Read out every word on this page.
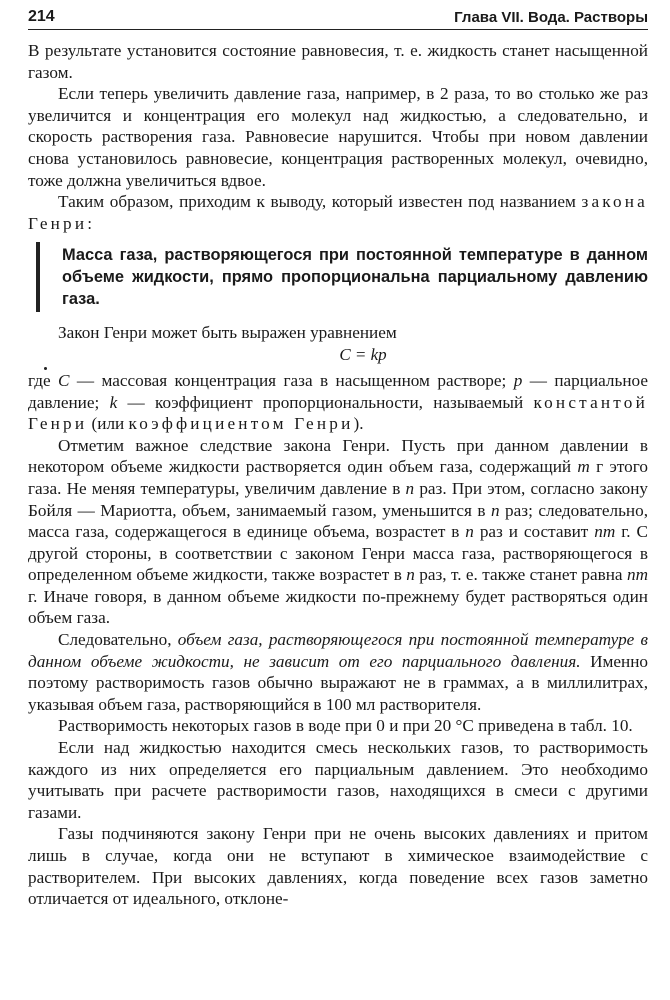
214	Глава VII. Вода. Растворы

В результате установится состояние равновесия, т. е. жидкость станет насыщенной газом.

Если теперь увеличить давление газа, например, в 2 раза, то во столько же раз увеличится и концентрация его молекул над жидкостью, а следовательно, и скорость растворения газа. Равновесие нарушится. Чтобы при новом давлении снова установилось равновесие, концентрация растворенных молекул, очевидно, тоже должна увеличиться вдвое.

Таким образом, приходим к выводу, который известен под названием закона Генри:

Масса газа, растворяющегося при постоянной температуре в данном объеме жидкости, прямо пропорциональна парциальному давлению газа.

Закон Генри может быть выражен уравнением

C = kp

где C — массовая концентрация газа в насыщенном растворе; p — парциальное давление; k — коэффициент пропорциональности, называемый константой Генри (или коэффициентом Генри).

Отметим важное следствие закона Генри. Пусть при данном давлении в некотором объеме жидкости растворяется один объем газа, содержащий m г этого газа. Не меняя температуры, увеличим давление в n раз. При этом, согласно закону Бойля — Мариотта, объем, занимаемый газом, уменьшится в n раз; следовательно, масса газа, содержащегося в единице объема, возрастет в n раз и составит nm г. С другой стороны, в соответствии с законом Генри масса газа, растворяющегося в определенном объеме жидкости, также возрастет в n раз, т. е. также станет равна nm г. Иначе говоря, в данном объеме жидкости по-прежнему будет растворяться один объем газа.

Следовательно, объем газа, растворяющегося при постоянной температуре в данном объеме жидкости, не зависит от его парциального давления. Именно поэтому растворимость газов обычно выражают не в граммах, а в миллилитрах, указывая объем газа, растворяющийся в 100 мл растворителя.

Растворимость некоторых газов в воде при 0 и при 20 °С приведена в табл. 10.

Если над жидкостью находится смесь нескольких газов, то растворимость каждого из них определяется его парциальным давлением. Это необходимо учитывать при расчете растворимости газов, находящихся в смеси с другими газами.

Газы подчиняются закону Генри при не очень высоких давлениях и притом лишь в случае, когда они не вступают в химическое взаимодействие с растворителем. При высоких давлениях, когда поведение всех газов заметно отличается от идеального, отклоне-
